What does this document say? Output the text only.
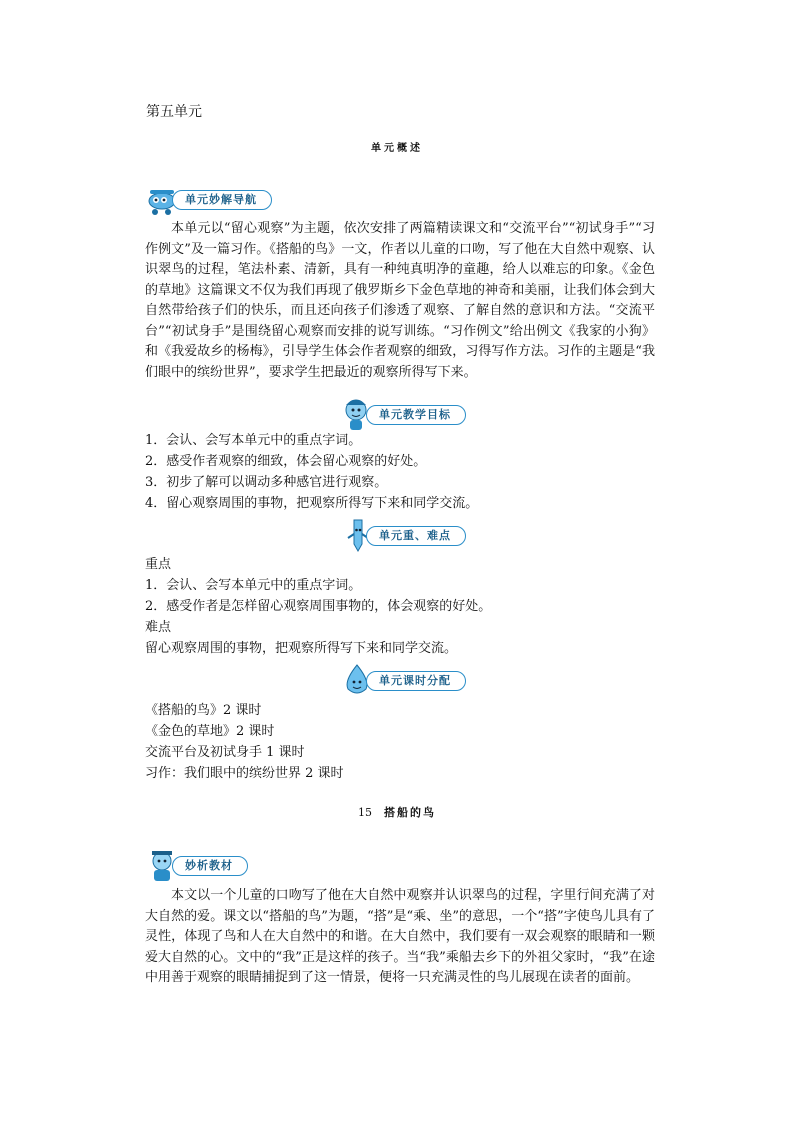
第五单元
单元概述
单元妙解导航
本单元以“留心观察”为主题，依次安排了两篇精读课文和“交流平台”“初试身手”“习作例文”及一篇习作。《搭船的鸟》一文，作者以儿童的口吻，写了他在大自然中观察、认识翠鸟的过程，笔法朴素、清新，具有一种纯真明净的童趣，给人以难忘的印象。《金色的草地》这篇课文不仅为我们再现了俄罗斯乡下金色草地的神奇和美丽，让我们体会到大自然带给孩子们的快乐，而且还向孩子们渗透了观察、了解自然的意识和方法。“交流平台”“初试身手”是围绕留心观察而安排的说写训练。“习作例文”给出例文《我家的小狗》和《我爱故乡的杨梅》，引导学生体会作者观察的细致，习得写作方法。习作的主题是“我们眼中的缤纷世界”，要求学生把最近的观察所得写下来。
单元教学目标
1．会认、会写本单元中的重点字词。
2．感受作者观察的细致，体会留心观察的好处。
3．初步了解可以调动多种感官进行观察。
4．留心观察周围的事物，把观察所得写下来和同学交流。
单元重、难点
重点
1．会认、会写本单元中的重点字词。
2．感受作者是怎样留心观察周围事物的，体会观察的好处。
难点
留心观察周围的事物，把观察所得写下来和同学交流。
单元课时分配
《搭船的鸟》2 课时
《金色的草地》2 课时
交流平台及初试身手 1 课时
习作：我们眼中的缤纷世界 2 课时
15 搭船的鸟
妙析教材
本文以一个儿童的口吻写了他在大自然中观察并认识翠鸟的过程，字里行间充满了对大自然的爱。课文以“搭船的鸟”为题，“搭”是“乘、坐”的意思，一个“搭”字使鸟儿具有了灵性，体现了鸟和人在大自然中的和谐。在大自然中，我们要有一双会观察的眼睛和一颗爱大自然的心。文中的“我”正是这样的孩子。当“我”乘船去乡下的外祖父家时，“我”在途中用善于观察的眼睛捕捉到了这一情景，便将一只充满灵性的鸟儿展现在读者的面前。
